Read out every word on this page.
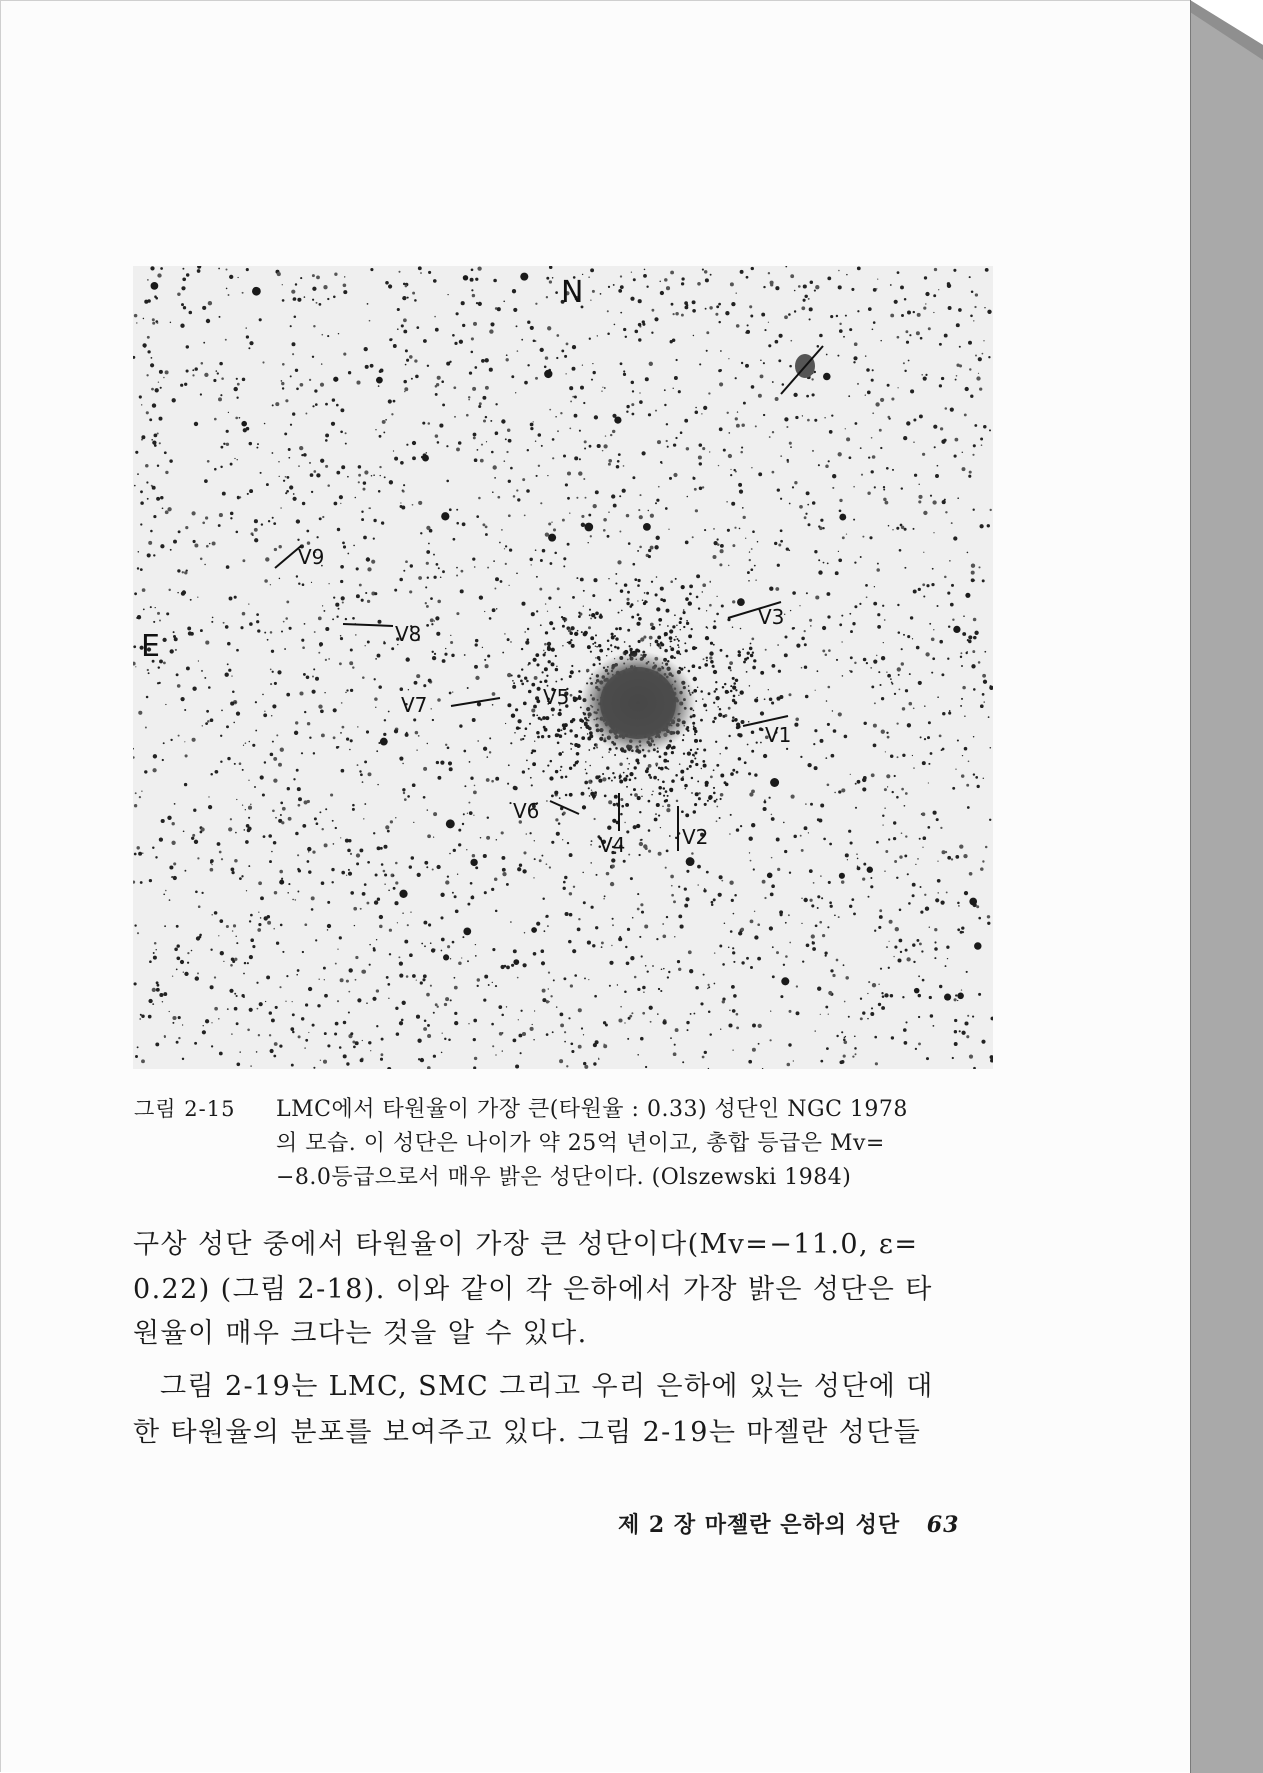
N
E
V9
V8
V7	V5
V3
V1
V6
V4	V2
그림 2-15 LMC에서 타원율이 가장 큰(타원율 : 0.33) 성단인 NGC 1978
의 모습. 이 성단은 나이가 약 25억 년이고, 총합 등급은 Mv=
−8.0등급으로서 매우 밝은 성단이다. (Olszewski 1984)
구상 성단 중에서 타원율이 가장 큰 성단이다(Mv=−11.0, ε=
0.22) (그림 2-18). 이와 같이 각 은하에서 가장 밝은 성단은 타
원율이 매우 크다는 것을 알 수 있다.
그림 2-19는 LMC, SMC 그리고 우리 은하에 있는 성단에 대
한 타원율의 분포를 보여주고 있다. 그림 2-19는 마젤란 성단들
제 2 장 마젤란 은하의 성단 63
